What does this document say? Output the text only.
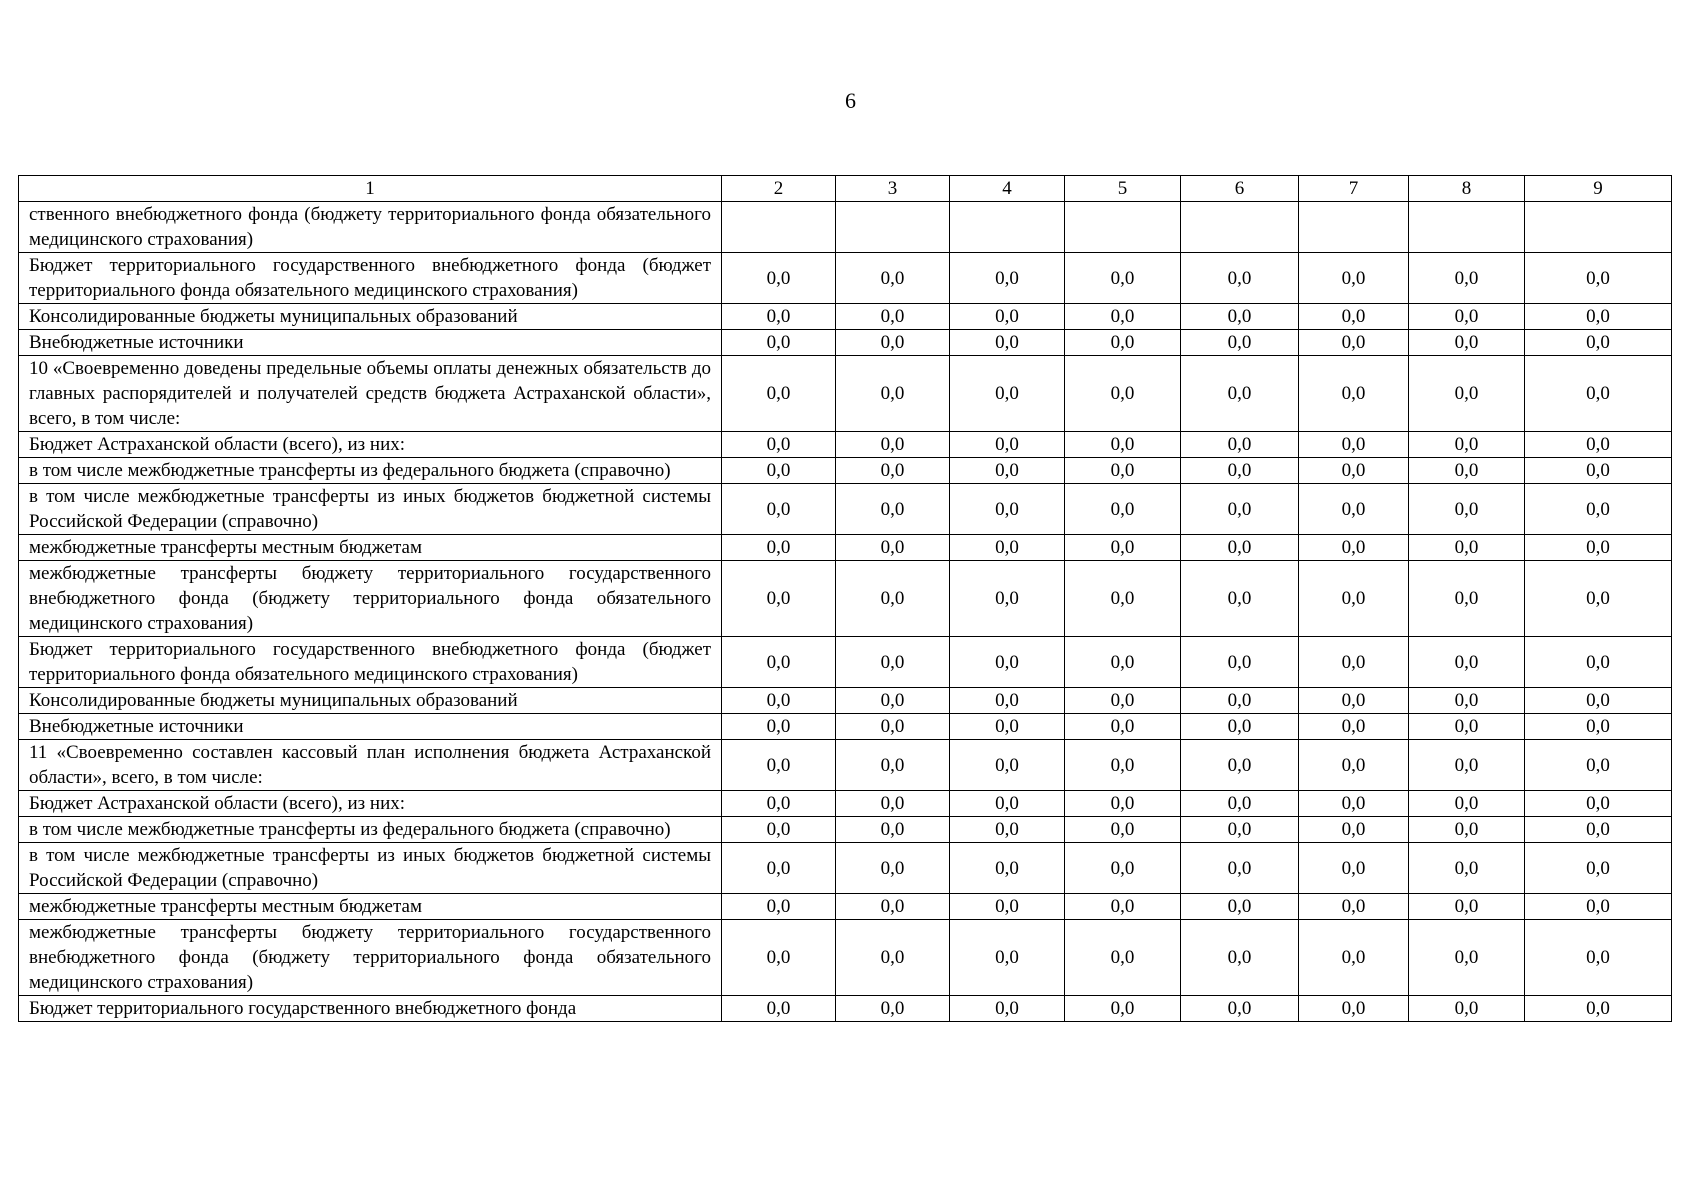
6
1	2	3	4	5	6	7	8	9
ственного внебюджетного фонда (бюджету территориального фонда обязательного медицинского страхования)								
Бюджет территориального государственного внебюджетного фонда (бюджет территориального фонда обязательного медицинского страхования)	0,0	0,0	0,0	0,0	0,0	0,0	0,0	0,0
Консолидированные бюджеты муниципальных образований	0,0	0,0	0,0	0,0	0,0	0,0	0,0	0,0
Внебюджетные источники	0,0	0,0	0,0	0,0	0,0	0,0	0,0	0,0
10 «Своевременно доведены предельные объемы оплаты денежных обязательств до главных распорядителей и получателей средств бюджета Астраханской области», всего, в том числе:	0,0	0,0	0,0	0,0	0,0	0,0	0,0	0,0
Бюджет Астраханской области (всего), из них:	0,0	0,0	0,0	0,0	0,0	0,0	0,0	0,0
в том числе межбюджетные трансферты из федерального бюджета (справочно)	0,0	0,0	0,0	0,0	0,0	0,0	0,0	0,0
в том числе межбюджетные трансферты из иных бюджетов бюджетной системы Российской Федерации (справочно)	0,0	0,0	0,0	0,0	0,0	0,0	0,0	0,0
межбюджетные трансферты местным бюджетам	0,0	0,0	0,0	0,0	0,0	0,0	0,0	0,0
межбюджетные трансферты бюджету территориального государственного внебюджетного фонда (бюджету территориального фонда обязательного медицинского страхования)	0,0	0,0	0,0	0,0	0,0	0,0	0,0	0,0
Бюджет территориального государственного внебюджетного фонда (бюджет территориального фонда обязательного медицинского страхования)	0,0	0,0	0,0	0,0	0,0	0,0	0,0	0,0
Консолидированные бюджеты муниципальных образований	0,0	0,0	0,0	0,0	0,0	0,0	0,0	0,0
Внебюджетные источники	0,0	0,0	0,0	0,0	0,0	0,0	0,0	0,0
11 «Своевременно составлен кассовый план исполнения бюджета Астраханской области», всего, в том числе:	0,0	0,0	0,0	0,0	0,0	0,0	0,0	0,0
Бюджет Астраханской области (всего), из них:	0,0	0,0	0,0	0,0	0,0	0,0	0,0	0,0
в том числе межбюджетные трансферты из федерального бюджета (справочно)	0,0	0,0	0,0	0,0	0,0	0,0	0,0	0,0
в том числе межбюджетные трансферты из иных бюджетов бюджетной системы Российской Федерации (справочно)	0,0	0,0	0,0	0,0	0,0	0,0	0,0	0,0
межбюджетные трансферты местным бюджетам	0,0	0,0	0,0	0,0	0,0	0,0	0,0	0,0
межбюджетные трансферты бюджету территориального государственного внебюджетного фонда (бюджету территориального фонда обязательного медицинского страхования)	0,0	0,0	0,0	0,0	0,0	0,0	0,0	0,0
Бюджет территориального государственного внебюджетного фонда	0,0	0,0	0,0	0,0	0,0	0,0	0,0	0,0
